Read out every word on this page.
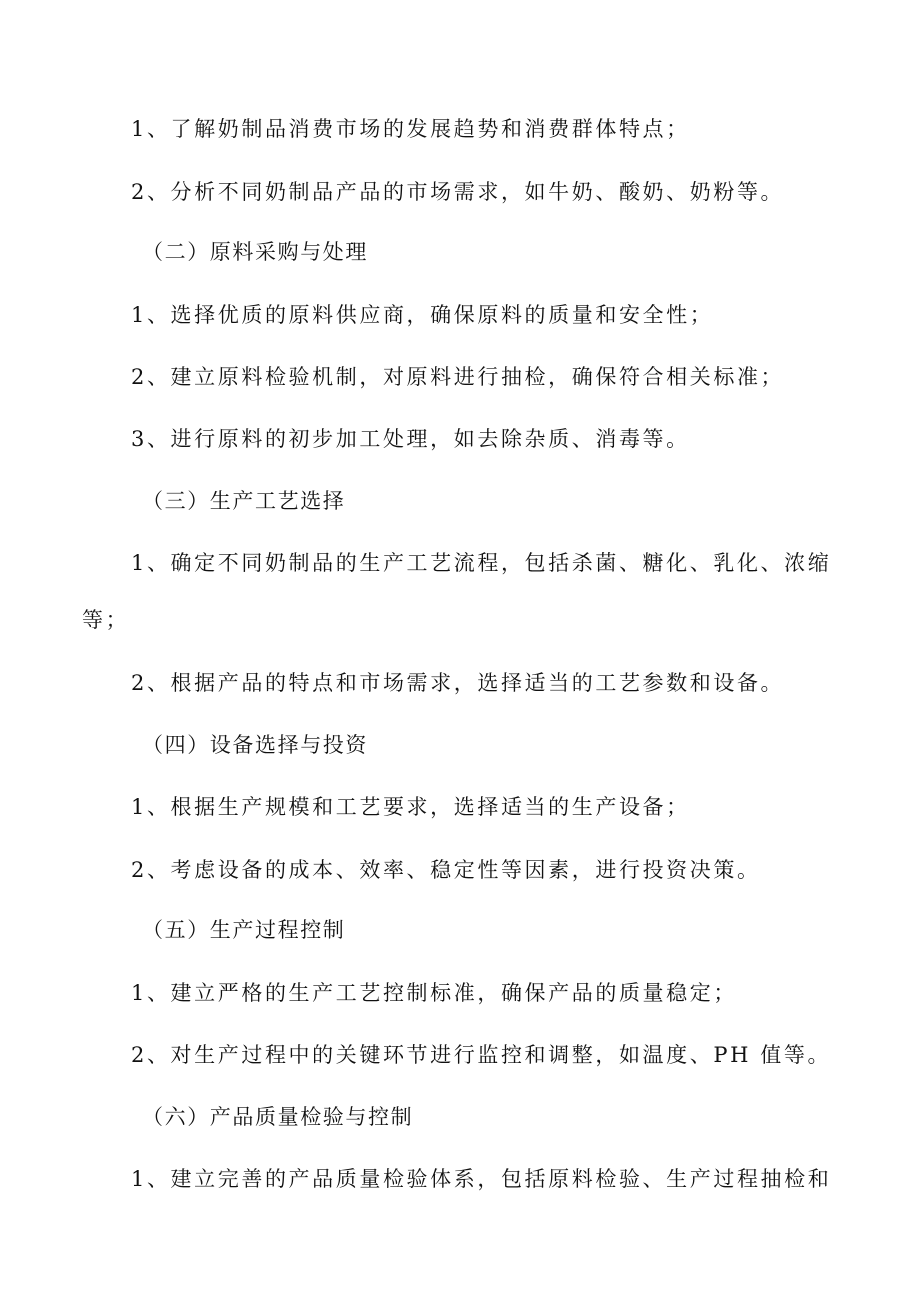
1、了解奶制品消费市场的发展趋势和消费群体特点；
2、分析不同奶制品产品的市场需求，如牛奶、酸奶、奶粉等。
（二）原料采购与处理
1、选择优质的原料供应商，确保原料的质量和安全性；
2、建立原料检验机制，对原料进行抽检，确保符合相关标准；
3、进行原料的初步加工处理，如去除杂质、消毒等。
（三）生产工艺选择
1、确定不同奶制品的生产工艺流程，包括杀菌、糖化、乳化、浓缩
等；
2、根据产品的特点和市场需求，选择适当的工艺参数和设备。
（四）设备选择与投资
1、根据生产规模和工艺要求，选择适当的生产设备；
2、考虑设备的成本、效率、稳定性等因素，进行投资决策。
（五）生产过程控制
1、建立严格的生产工艺控制标准，确保产品的质量稳定；
2、对生产过程中的关键环节进行监控和调整，如温度、PH 值等。
（六）产品质量检验与控制
1、建立完善的产品质量检验体系，包括原料检验、生产过程抽检和
